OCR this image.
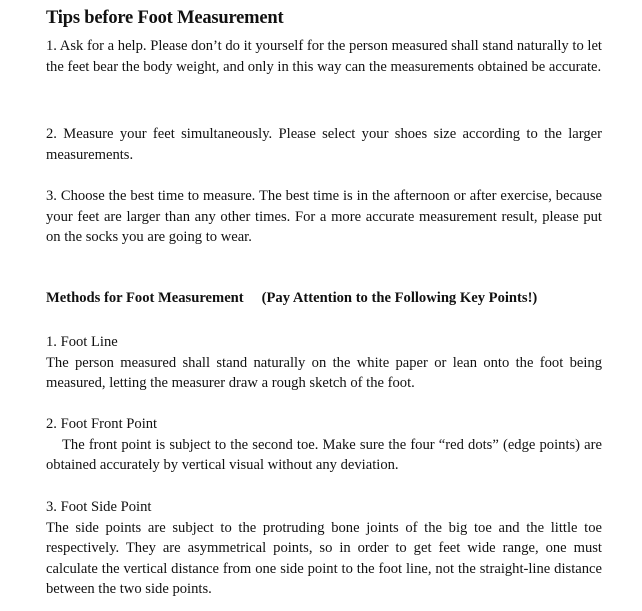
Tips before Foot Measurement

1. Ask for a help. Please don’t do it yourself for the person measured shall stand naturally to let the feet bear the body weight, and only in this way can the measurements obtained be accurate.

2. Measure your feet simultaneously. Please select your shoes size according to the larger measurements.

3. Choose the best time to measure. The best time is in the afternoon or after exercise, because your feet are larger than any other times. For a more accurate measurement result, please put on the socks you are going to wear.

Methods for Foot Measurement (Pay Attention to the Following Key Points!)
1. Foot Line
The person measured shall stand naturally on the white paper or lean onto the foot being measured, letting the measurer draw a rough sketch of the foot.
2. Foot Front Point
The front point is subject to the second toe. Make sure the four “red dots” (edge points) are obtained accurately by vertical visual without any deviation.
3. Foot Side Point
The side points are subject to the protruding bone joints of the big toe and the little toe respectively. They are asymmetrical points, so in order to get feet wide range, one must calculate the vertical distance from one side point to the foot line, not the straight-line distance between the two side points.
